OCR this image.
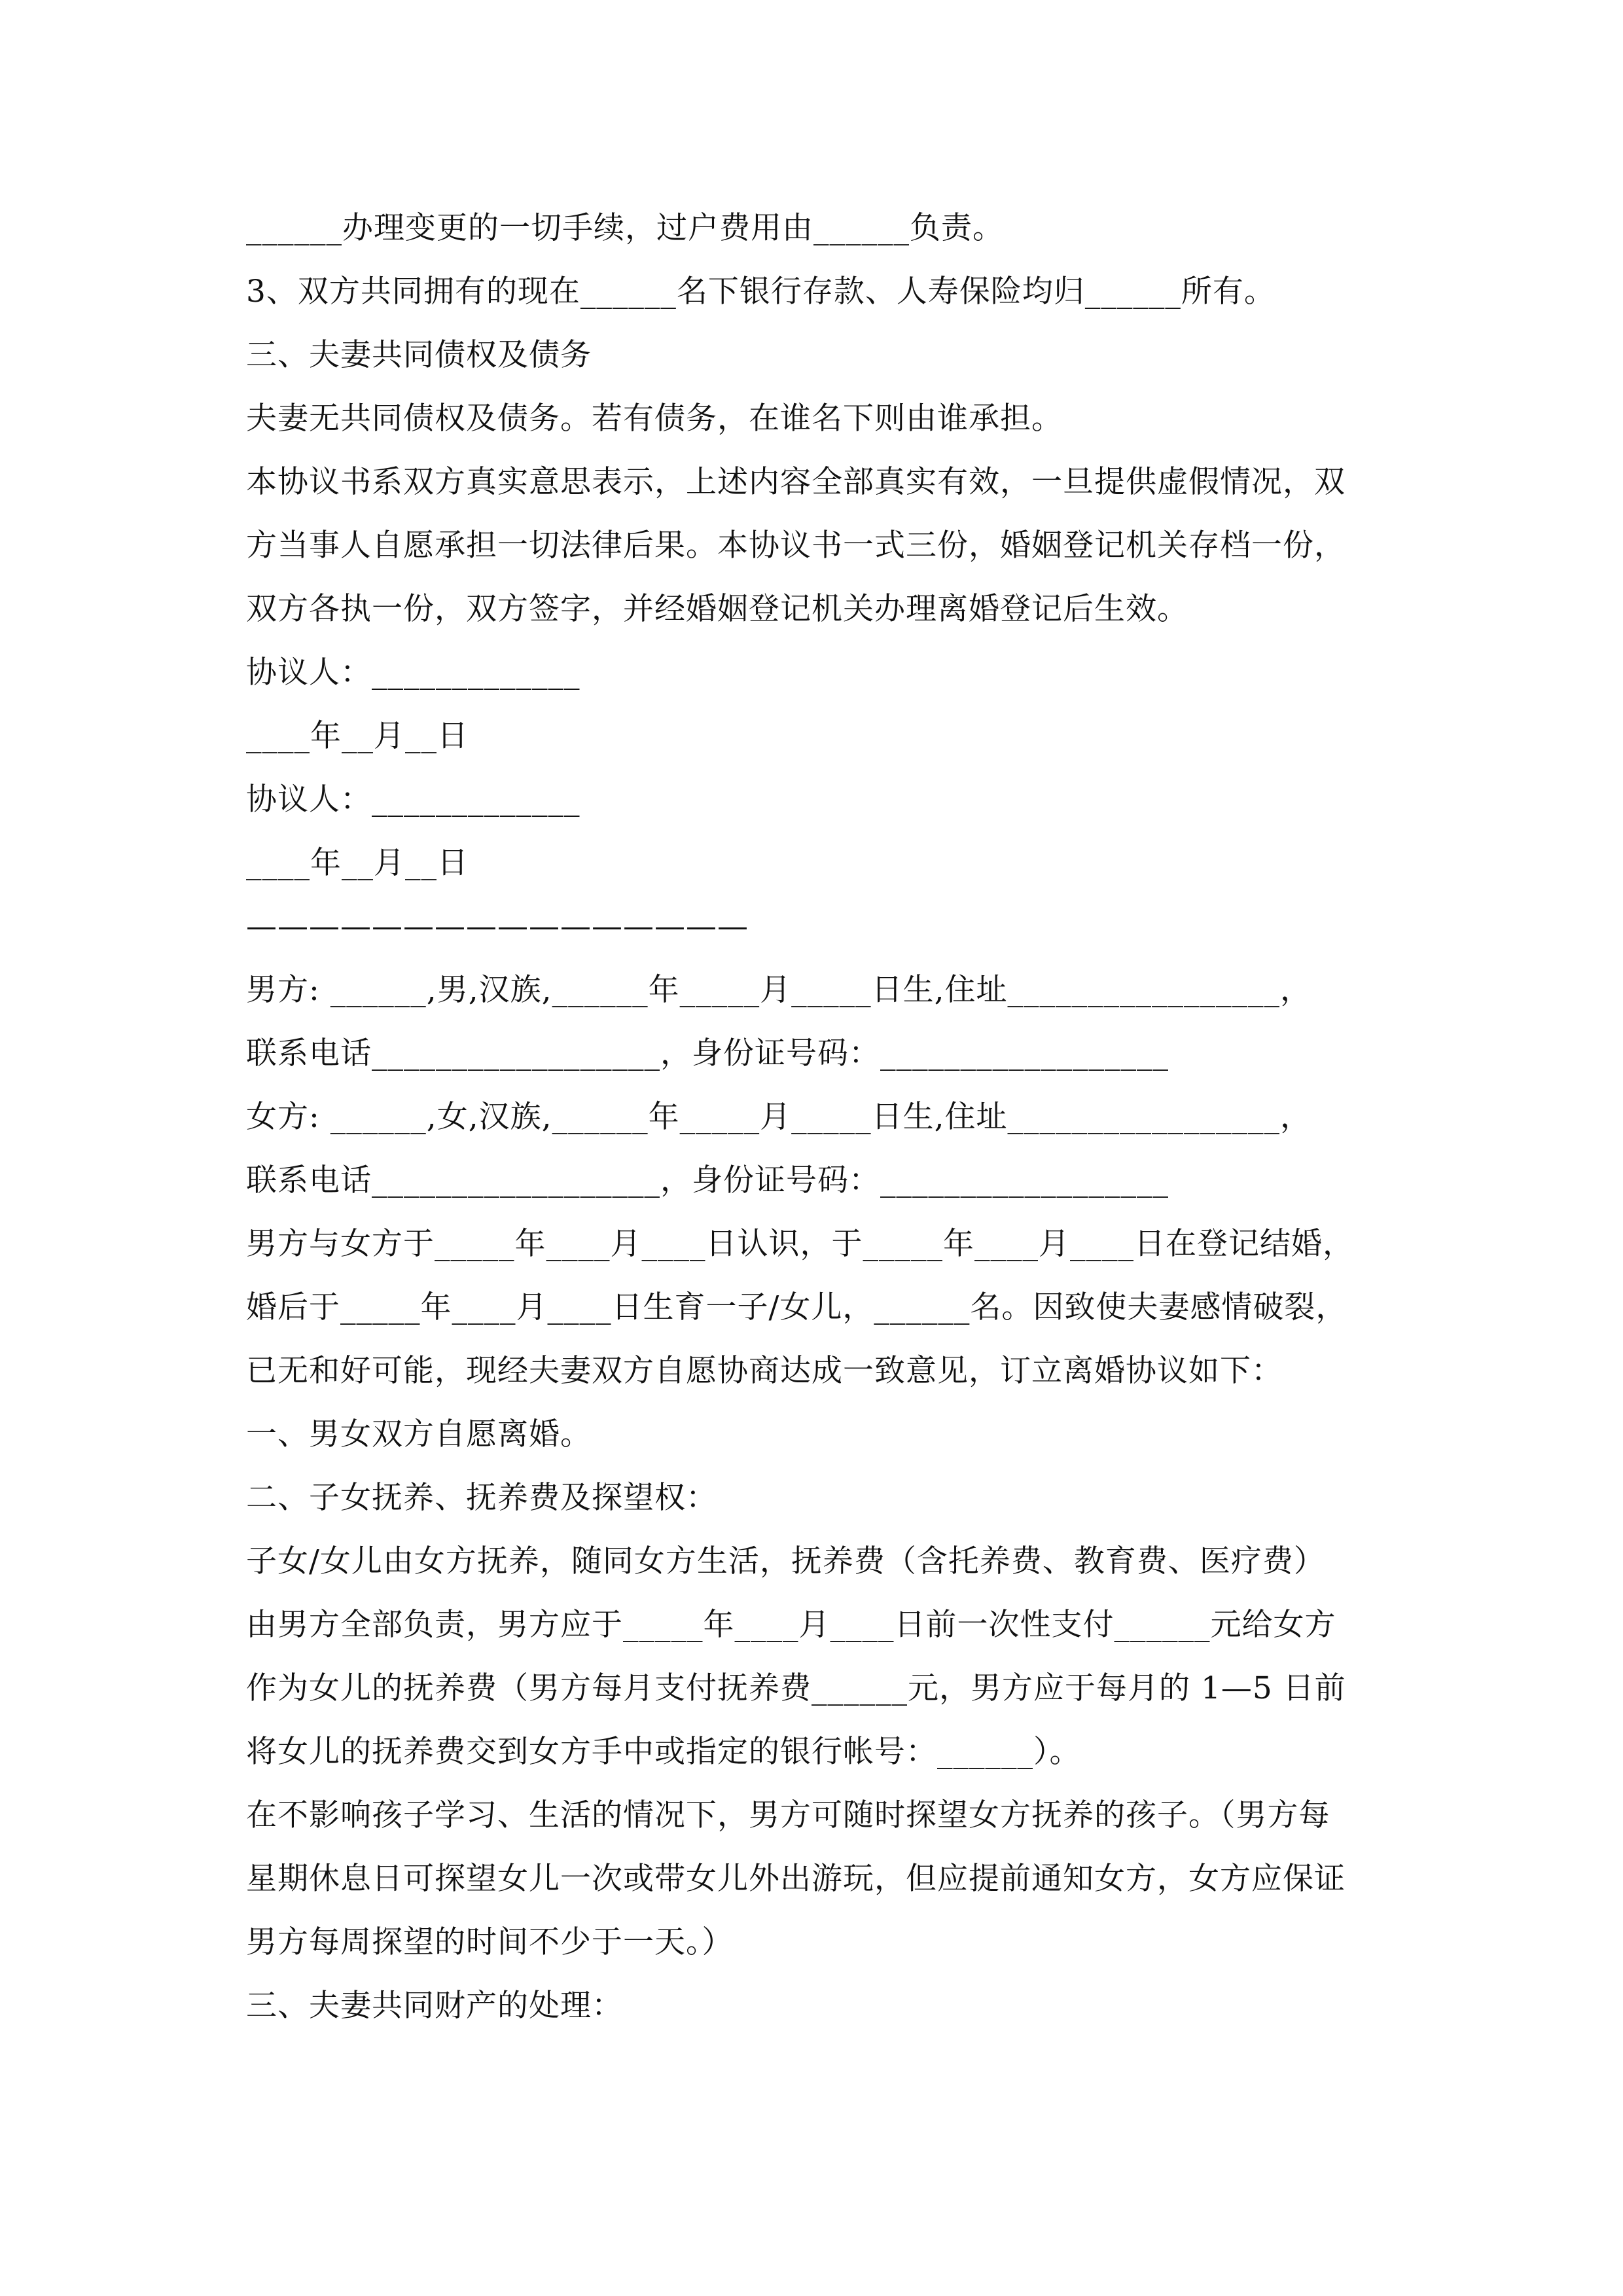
______办理变更的一切手续，过户费用由______负责。
3、双方共同拥有的现在______名下银行存款、人寿保险均归______所有。
三、夫妻共同债权及债务
夫妻无共同债权及债务。若有债务，在谁名下则由谁承担。
本协议书系双方真实意思表示，上述内容全部真实有效，一旦提供虚假情况，双
方当事人自愿承担一切法律后果。本协议书一式三份，婚姻登记机关存档一份，
双方各执一份，双方签字，并经婚姻登记机关办理离婚登记后生效。
协议人：_____________
____年__月__日
协议人：_____________
____年__月__日
————————————————
男方: ______,男,汉族,______年_____月_____日生,住址_________________，
联系电话__________________，身份证号码：__________________
女方: ______,女,汉族,______年_____月_____日生,住址_________________，
联系电话__________________，身份证号码：__________________
男方与女方于_____年____月____日认识，于_____年____月____日在登记结婚，
婚后于_____年____月____日生育一子/女儿，______名。因致使夫妻感情破裂，
已无和好可能，现经夫妻双方自愿协商达成一致意见，订立离婚协议如下：
一、男女双方自愿离婚。
二、子女抚养、抚养费及探望权：
子女/女儿由女方抚养，随同女方生活，抚养费（含托养费、教育费、医疗费）
由男方全部负责，男方应于_____年____月____日前一次性支付______元给女方
作为女儿的抚养费（男方每月支付抚养费______元，男方应于每月的 1—5 日前
将女儿的抚养费交到女方手中或指定的银行帐号：______）。
在不影响孩子学习、生活的情况下，男方可随时探望女方抚养的孩子。（男方每
星期休息日可探望女儿一次或带女儿外出游玩，但应提前通知女方，女方应保证
男方每周探望的时间不少于一天。）
三、夫妻共同财产的处理：
